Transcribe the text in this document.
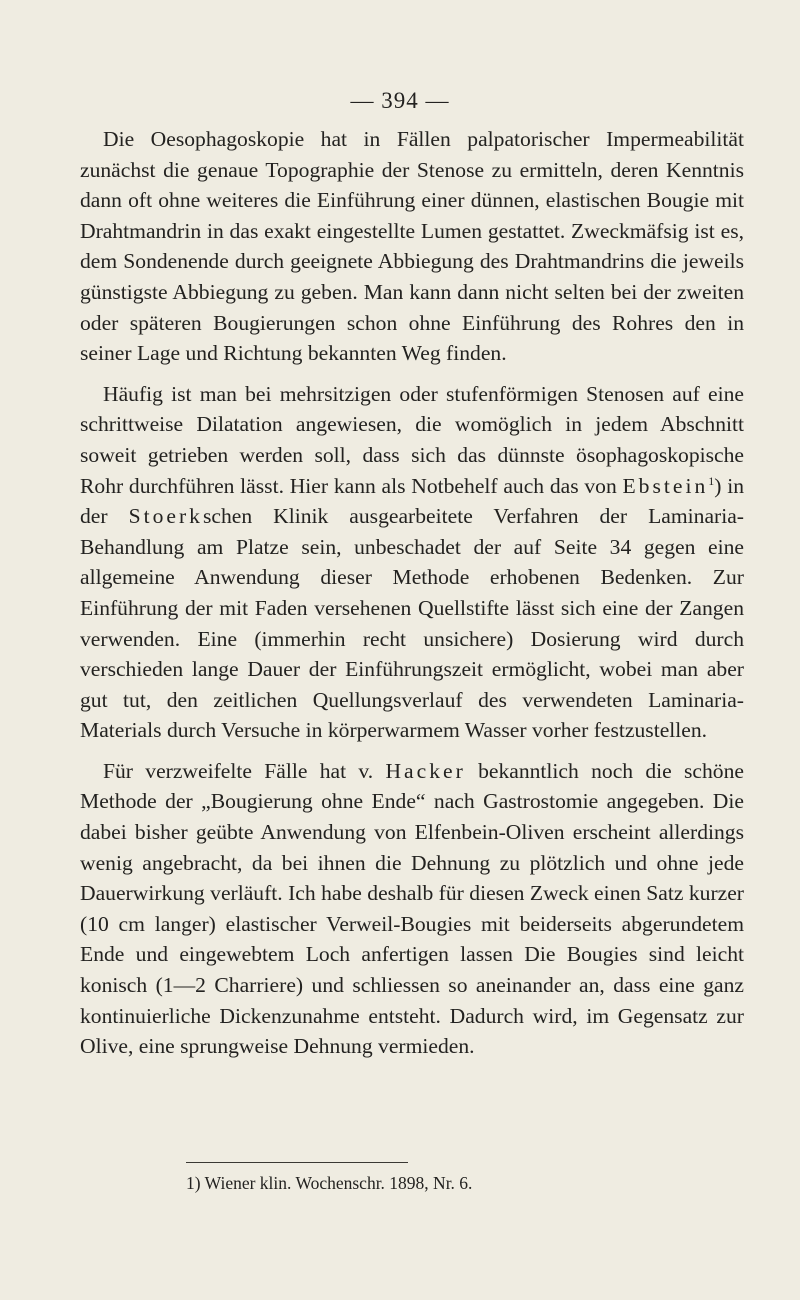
— 394 —

Die Oesophagoskopie hat in Fällen palpatorischer Impermeabilität zunächst die genaue Topographie der Stenose zu ermitteln, deren Kenntnis dann oft ohne weiteres die Einführung einer dünnen, elastischen Bougie mit Drahtmandrin in das exakt eingestellte Lumen gestattet. Zweckmäfsig ist es, dem Sondenende durch geeignete Abbiegung des Drahtmandrins die jeweils günstigste Abbiegung zu geben. Man kann dann nicht selten bei der zweiten oder späteren Bougierungen schon ohne Einführung des Rohres den in seiner Lage und Richtung bekannten Weg finden.

Häufig ist man bei mehrsitzigen oder stufenförmigen Stenosen auf eine schrittweise Dilatation angewiesen, die womöglich in jedem Abschnitt soweit getrieben werden soll, dass sich das dünnste ösophagoskopische Rohr durchführen lässt. Hier kann als Notbehelf auch das von Ebstein$^1$) in der Stoerkschen Klinik ausgearbeitete Verfahren der Laminaria-Behandlung am Platze sein, unbeschadet der auf Seite 34 gegen eine allgemeine Anwendung dieser Methode erhobenen Bedenken. Zur Einführung der mit Faden versehenen Quellstifte lässt sich eine der Zangen verwenden. Eine (immerhin recht unsichere) Dosierung wird durch verschieden lange Dauer der Einführungszeit ermöglicht, wobei man aber gut tut, den zeitlichen Quellungsverlauf des verwendeten Laminaria-Materials durch Versuche in körperwarmem Wasser vorher festzustellen.

Für verzweifelte Fälle hat v. Hacker bekanntlich noch die schöne Methode der „Bougierung ohne Ende“ nach Gastrostomie angegeben. Die dabei bisher geübte Anwendung von Elfenbein-Oliven erscheint allerdings wenig angebracht, da bei ihnen die Dehnung zu plötzlich und ohne jede Dauerwirkung verläuft. Ich habe deshalb für diesen Zweck einen Satz kurzer (10 cm langer) elastischer Verweil-Bougies mit beiderseits abgerundetem Ende und eingewebtem Loch anfertigen lassen Die Bougies sind leicht konisch (1—2 Charriere) und schliessen so aneinander an, dass eine ganz kontinuierliche Dickenzunahme entsteht. Dadurch wird, im Gegensatz zur Olive, eine sprungweise Dehnung vermieden.

1) Wiener klin. Wochenschr. 1898, Nr. 6.
